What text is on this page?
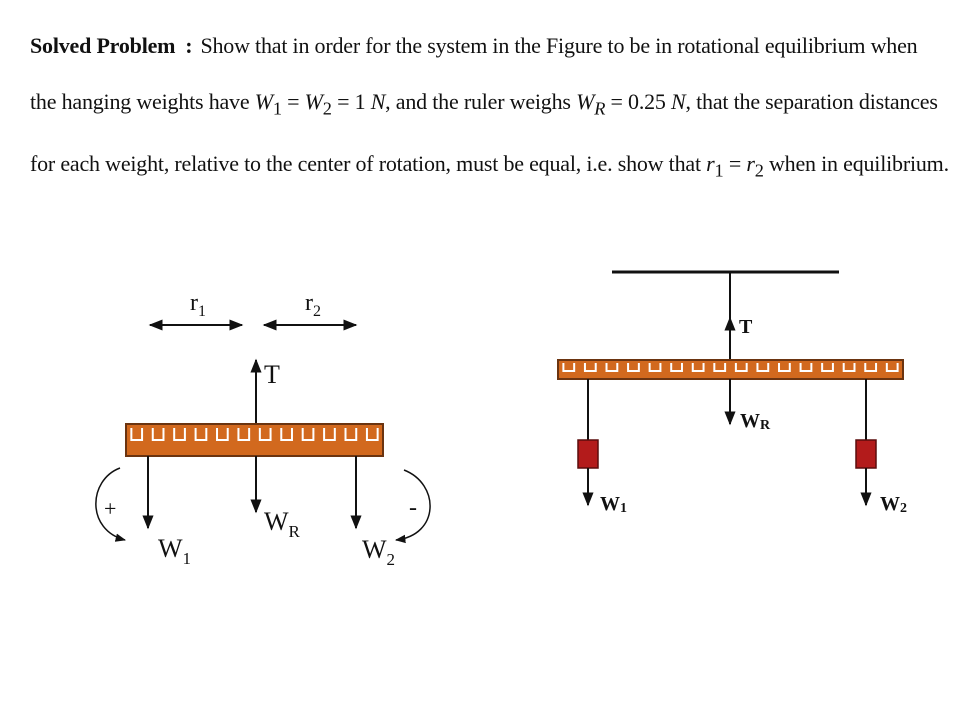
Solved Problem : Show that in order for the system in the Figure to be in rotational equilibrium when
the hanging weights have $W_1 = W_2 = 1$ N, and the ruler weighs $W_R = 0.25$ N, that the separation distances
for each weight, relative to the center of rotation, must be equal, i.e. show that $r_1 = r_2$ when in equilibrium.
$r_1$	$r_2$
T
$W_1$
$W_R$
$W_2$
+	-
T
WR
W1	W2
